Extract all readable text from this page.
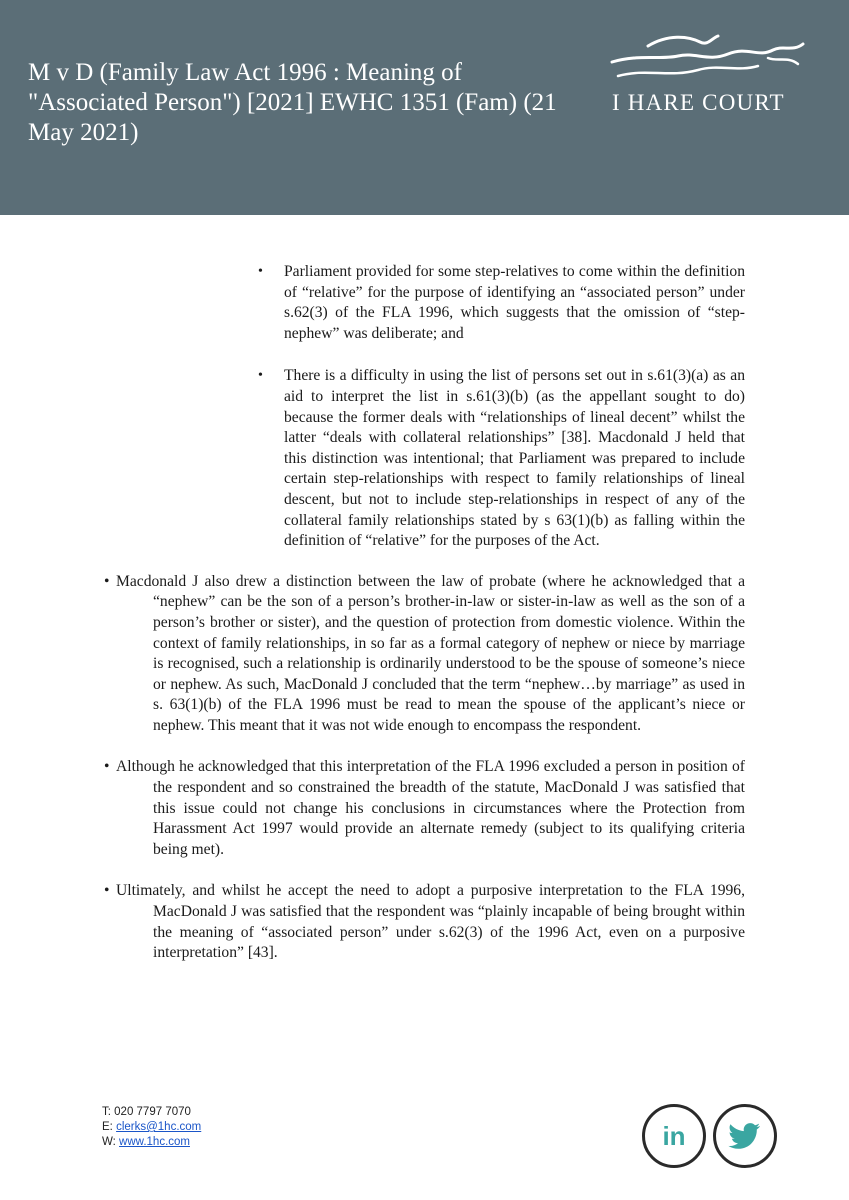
M v D (Family Law Act 1996 : Meaning of "Associated Person") [2021] EWHC 1351 (Fam) (21 May 2021)
I HARE COURT
• Parliament provided for some step-relatives to come within the definition of “relative” for the purpose of identifying an “associated person” under s.62(3) of the FLA 1996, which suggests that the omission of “step-nephew” was deliberate; and
• There is a difficulty in using the list of persons set out in s.61(3)(a) as an aid to interpret the list in s.61(3)(b) (as the appellant sought to do) because the former deals with “relationships of lineal decent” whilst the latter “deals with collateral relationships” [38]. Macdonald J held that this distinction was intentional; that Parliament was prepared to include certain step-relationships with respect to family relationships of lineal descent, but not to include step-relationships in respect of any of the collateral family relationships stated by s 63(1)(b) as falling within the definition of “relative” for the purposes of the Act.
• Macdonald J also drew a distinction between the law of probate (where he acknowledged that a “nephew” can be the son of a person’s brother-in-law or sister-in-law as well as the son of a person’s brother or sister), and the question of protection from domestic violence. Within the context of family relationships, in so far as a formal category of nephew or niece by marriage is recognised, such a relationship is ordinarily understood to be the spouse of someone’s niece or nephew. As such, MacDonald J concluded that the term “nephew…by marriage” as used in s. 63(1)(b) of the FLA 1996 must be read to mean the spouse of the applicant’s niece or nephew. This meant that it was not wide enough to encompass the respondent.
• Although he acknowledged that this interpretation of the FLA 1996 excluded a person in position of the respondent and so constrained the breadth of the statute, MacDonald J was satisfied that this issue could not change his conclusions in circumstances where the Protection from Harassment Act 1997 would provide an alternate remedy (subject to its qualifying criteria being met).
• Ultimately, and whilst he accept the need to adopt a purposive interpretation to the FLA 1996, MacDonald J was satisfied that the respondent was “plainly incapable of being brought within the meaning of “associated person” under s.62(3) of the 1996 Act, even on a purposive interpretation” [43].
T: 020 7797 7070
E: clerks@1hc.com
W: www.1hc.com	in
